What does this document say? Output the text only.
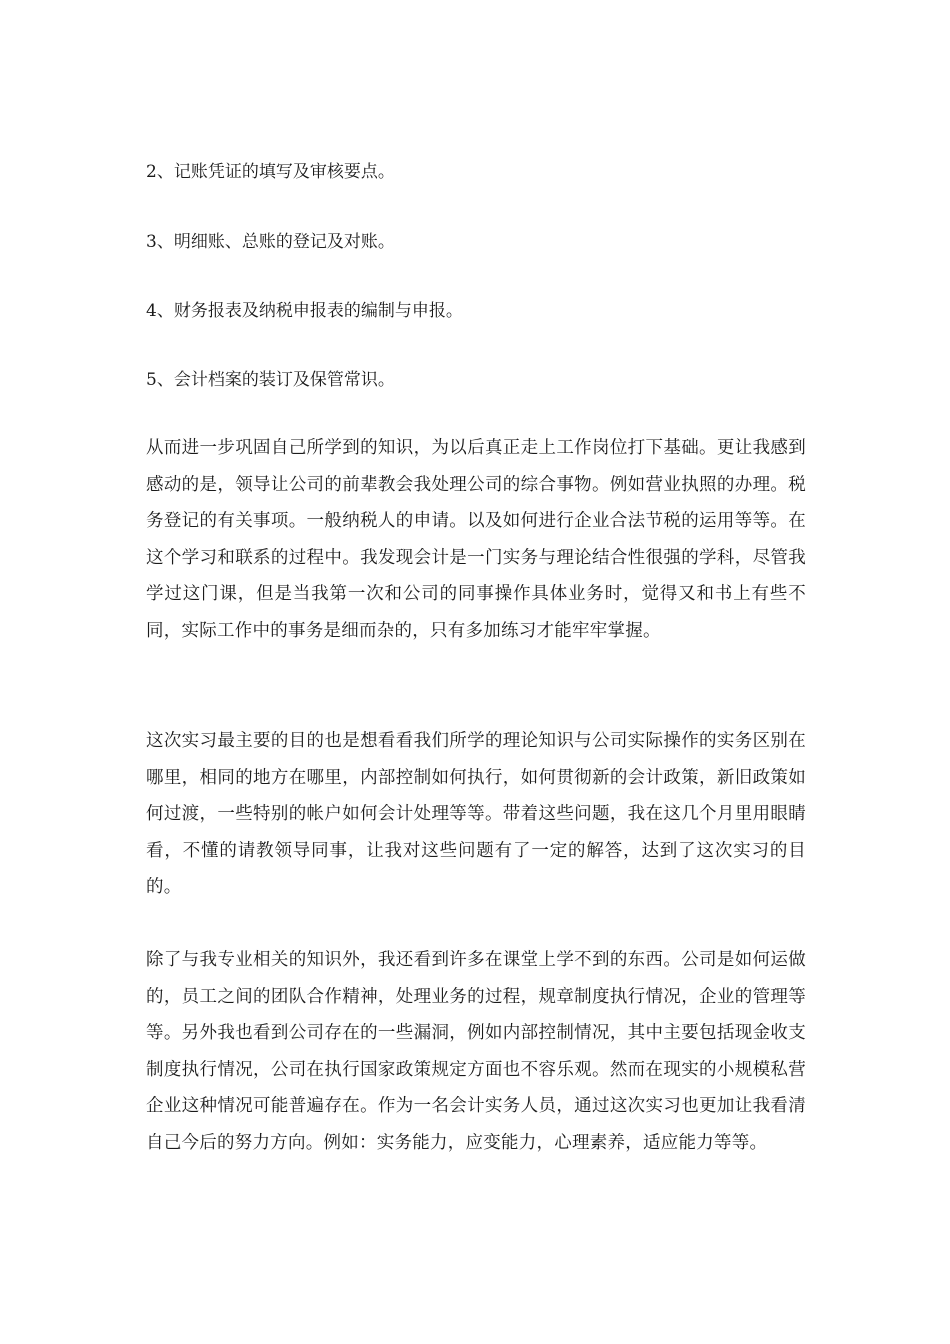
2、记账凭证的填写及审核要点。
3、明细账、总账的登记及对账。
4、财务报表及纳税申报表的编制与申报。
5、会计档案的装订及保管常识。

从而进一步巩固自己所学到的知识，为以后真正走上工作岗位打下基础。更让我感到感动的是，领导让公司的前辈教会我处理公司的综合事物。例如营业执照的办理。税务登记的有关事项。一般纳税人的申请。以及如何进行企业合法节税的运用等等。在这个学习和联系的过程中。我发现会计是一门实务与理论结合性很强的学科，尽管我学过这门课，但是当我第一次和公司的同事操作具体业务时，觉得又和书上有些不同，实际工作中的事务是细而杂的，只有多加练习才能牢牢掌握。

这次实习最主要的目的也是想看看我们所学的理论知识与公司实际操作的实务区别在哪里，相同的地方在哪里，内部控制如何执行，如何贯彻新的会计政策，新旧政策如何过渡，一些特别的帐户如何会计处理等等。带着这些问题，我在这几个月里用眼睛看，不懂的请教领导同事，让我对这些问题有了一定的解答，达到了这次实习的目的。

除了与我专业相关的知识外，我还看到许多在课堂上学不到的东西。公司是如何运做的，员工之间的团队合作精神，处理业务的过程，规章制度执行情况，企业的管理等等。另外我也看到公司存在的一些漏洞，例如内部控制情况，其中主要包括现金收支制度执行情况，公司在执行国家政策规定方面也不容乐观。然而在现实的小规模私营企业这种情况可能普遍存在。作为一名会计实务人员，通过这次实习也更加让我看清自己今后的努力方向。例如：实务能力，应变能力，心理素养，适应能力等等。
